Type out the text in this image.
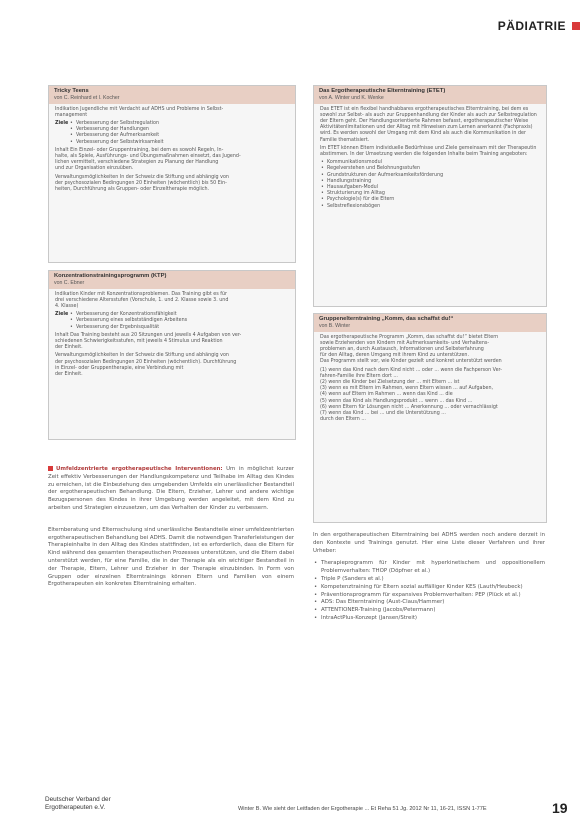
PÄDIATRIE
Tricky Teens
von C. Reinhard et I. Kocher

Indikation Jugendliche mit Verdacht auf ADHS und Probleme in Selbst-
management

Ziele	• Verbesserung der Selbstregulation
• Verbesserung der Handlungen
• Verbesserung der Aufmerksamkeit
• Verbesserung der Selbstwirksamkeit

Inhalt Ein Einzel- oder Gruppentraining, bei dem es sowohl Regeln, In-
halte, als Spiele, Ausführungs- und Übungsmaßnahmen einsetzt, das Jugend-
lichen vermittelt, verschiedene Strategien zu Planung der Handlung
und zur Organisation einzuüben.

Verwaltungsmöglichkeiten In der Schweiz die Stiftung und abhängig von
der psychosozialen Bedingungen 20 Einheiten (wöchentlich) bis 50 Ein-
heiten, Durchführung als Gruppen- oder Einzeltherapie möglich.

Konzentrationstrainingsprogramm (KTP)
von C. Ebner

Indikation Kinder mit Konzentrationsproblemen. Das Training gibt es für
drei verschiedene Altersstufen (Vorschule, 1. und 2. Klasse sowie 3. und
4. Klasse)

Ziele	• Verbesserung der Konzentrationsfähigkeit
• Verbesserung eines selbstständigen Arbeitens
• Verbesserung der Ergebnisqualität

Inhalt Das Training besteht aus 20 Sitzungen und jeweils 4 Aufgaben von ver-
schiedenen Schwierigkeitsstufen, mit jeweils 4 Stimulus und Reaktion
der Einheit.

Verwaltungsmöglichkeiten In der Schweiz die Stiftung und abhängig von
der psychosozialen Bedingungen 20 Einheiten (wöchentlich). Durchführung
in Einzel- oder Gruppentherapie, eine Verbindung mit
der Einheit.

Das Ergotherapeutische Elterntraining (ETET)
von A. Winter und K. Wenke

Das ETET ist ein flexibel handhabbares ergotherapeutisches Elterntraining, bei dem es sowohl zur Selbst- als auch zur Gruppenhandlung der Kinder als auch zur Selbstregulation der Eltern geht. Der Handlungsorientierte Rahmen befasst, ergotherapeutischer Weise Aktivitätenlimitationen und der Alltag mit Hinweisen zum Lernen anerkannt (Fachpraxis) wird. Es werden sowohl der Umgang mit dem Kind als auch die Kommunikation in der Familie thematisiert.

Im ETET können Eltern individuelle Bedürfnisse und Ziele gemeinsam mit der Therapeutin abstimmen. In der Umsetzung werden die folgenden Inhalte beim Training angeboten:

• Kommunikationsmodul
• Regelverstehen und Belohnungsstufen
• Grundstrukturen der Aufmerksamkeitsförderung
• Handlungstraining
• Hausaufgaben-Modul
• Strukturierung im Alltag
• Psychologie(s) für die Eltern
• Selbstreflexionsbögen
Gruppenelterntraining „Komm, das schaffst du!“
von B. Winter

Das ergotherapeutische Programm „Komm, das schaffst du!“ bietet Eltern
sowie Erziehenden von Kindern mit Aufmerksamkeits- und Verhaltens-
problemen an, durch Austausch, Informationen und Selbsterfahrung
für den Alltag, deren Umgang mit ihrem Kind zu unterstützen.
Das Programm stellt vor, wie Kinder gezielt und konkret unterstützt werden

(1) wenn das Kind nach dem Kind nicht ... oder ... wenn die Fachperson Ver-
fahren-Familie ihre Eltern dort ...
(2) wenn die Kinder bei Zielsetzung der ... mit Eltern ... ist
(3) wenn es mit Eltern im Rahmen, wenn Eltern wissen ... auf Aufgaben,
(4) wenn auf Eltern im Rahmen ... wenn das Kind ... die
(5) wenn das Kind als Handlungsprodukt ... wenn ... das Kind ...
(6) wenn Eltern für Lösungen nicht ... Anerkennung ... oder vernachlässigt
(7) wenn das Kind ... bei ... und die Unterstützung ...
durch den Eltern ...

Umfeldzentrierte ergotherapeutische Interventionen: Um in möglichst kurzer Zeit effektiv Verbesserungen der Handlungskompetenz und Teilhabe im Alltag des Kindes zu erreichen, ist die Einbeziehung des umgebenden Umfelds ein unerlässlicher Bestandteil der ergotherapeutischen Behandlung. Die Eltern, Erzieher, Lehrer und andere wichtige Bezugspersonen des Kindes in ihrer Umgebung werden angeleitet, mit dem Kind zu arbeiten und Strategien einzusetzen, um das Verhalten der Kinder zu verbessern.

Elternberatung und Elternschulung sind unerlässliche Bestandteile einer umfeldzentrierten ergotherapeutischen Behandlung bei ADHS. Damit die notwendigen Transferleistungen der Therapieinhalte in den Alltag des Kindes stattfinden, ist es erforderlich, dass die Eltern für Kind während des gesamten therapeutischen Prozesses unterstützen, und die Eltern dabei unterstützt werden, für eine Familie, die in der Therapie als ein wichtiger Bestandteil in der Therapie, Eltern, Lehrer und Erzieher in der Therapie einzubinden. In Form von Gruppen oder einzelnen Elterntrainings können Eltern und Familien von einem Ergotherapeuten ein konkretes Elterntraining erhalten.

In den ergotherapeutischen Elterntraining bei ADHS werden noch andere derzeit in den Kontexte und Trainings genutzt. Hier eine Liste dieser Verfahren und ihrer Urheber:

• Therapieprogramm für Kinder mit hyperkinetischem und oppositionellem Problemverhalten: THOP (Döpfner et al.)
• Triple P (Sanders et al.)
• Kompetenztraining für Eltern sozial auffälliger Kinder KES (Lauth/Heubeck)
• Präventionsprogramm für expansives Problemverhalten: PEP (Plück et al.)
• ADS: Das Elterntraining (Aust-Claus/Hammer)
• ATTENTIONER-Training (Jacobs/Petermann)
• IntraActPlus-Konzept (Jansen/Streit)
Deutscher Verband der
Ergotherapeuten e.V.	Winter B. Wie sieht der Leitfaden der Ergotherapie ... Et Reha 51 Jg. 2012 Nr 11, 16-21, ISSN 1-77E	19
